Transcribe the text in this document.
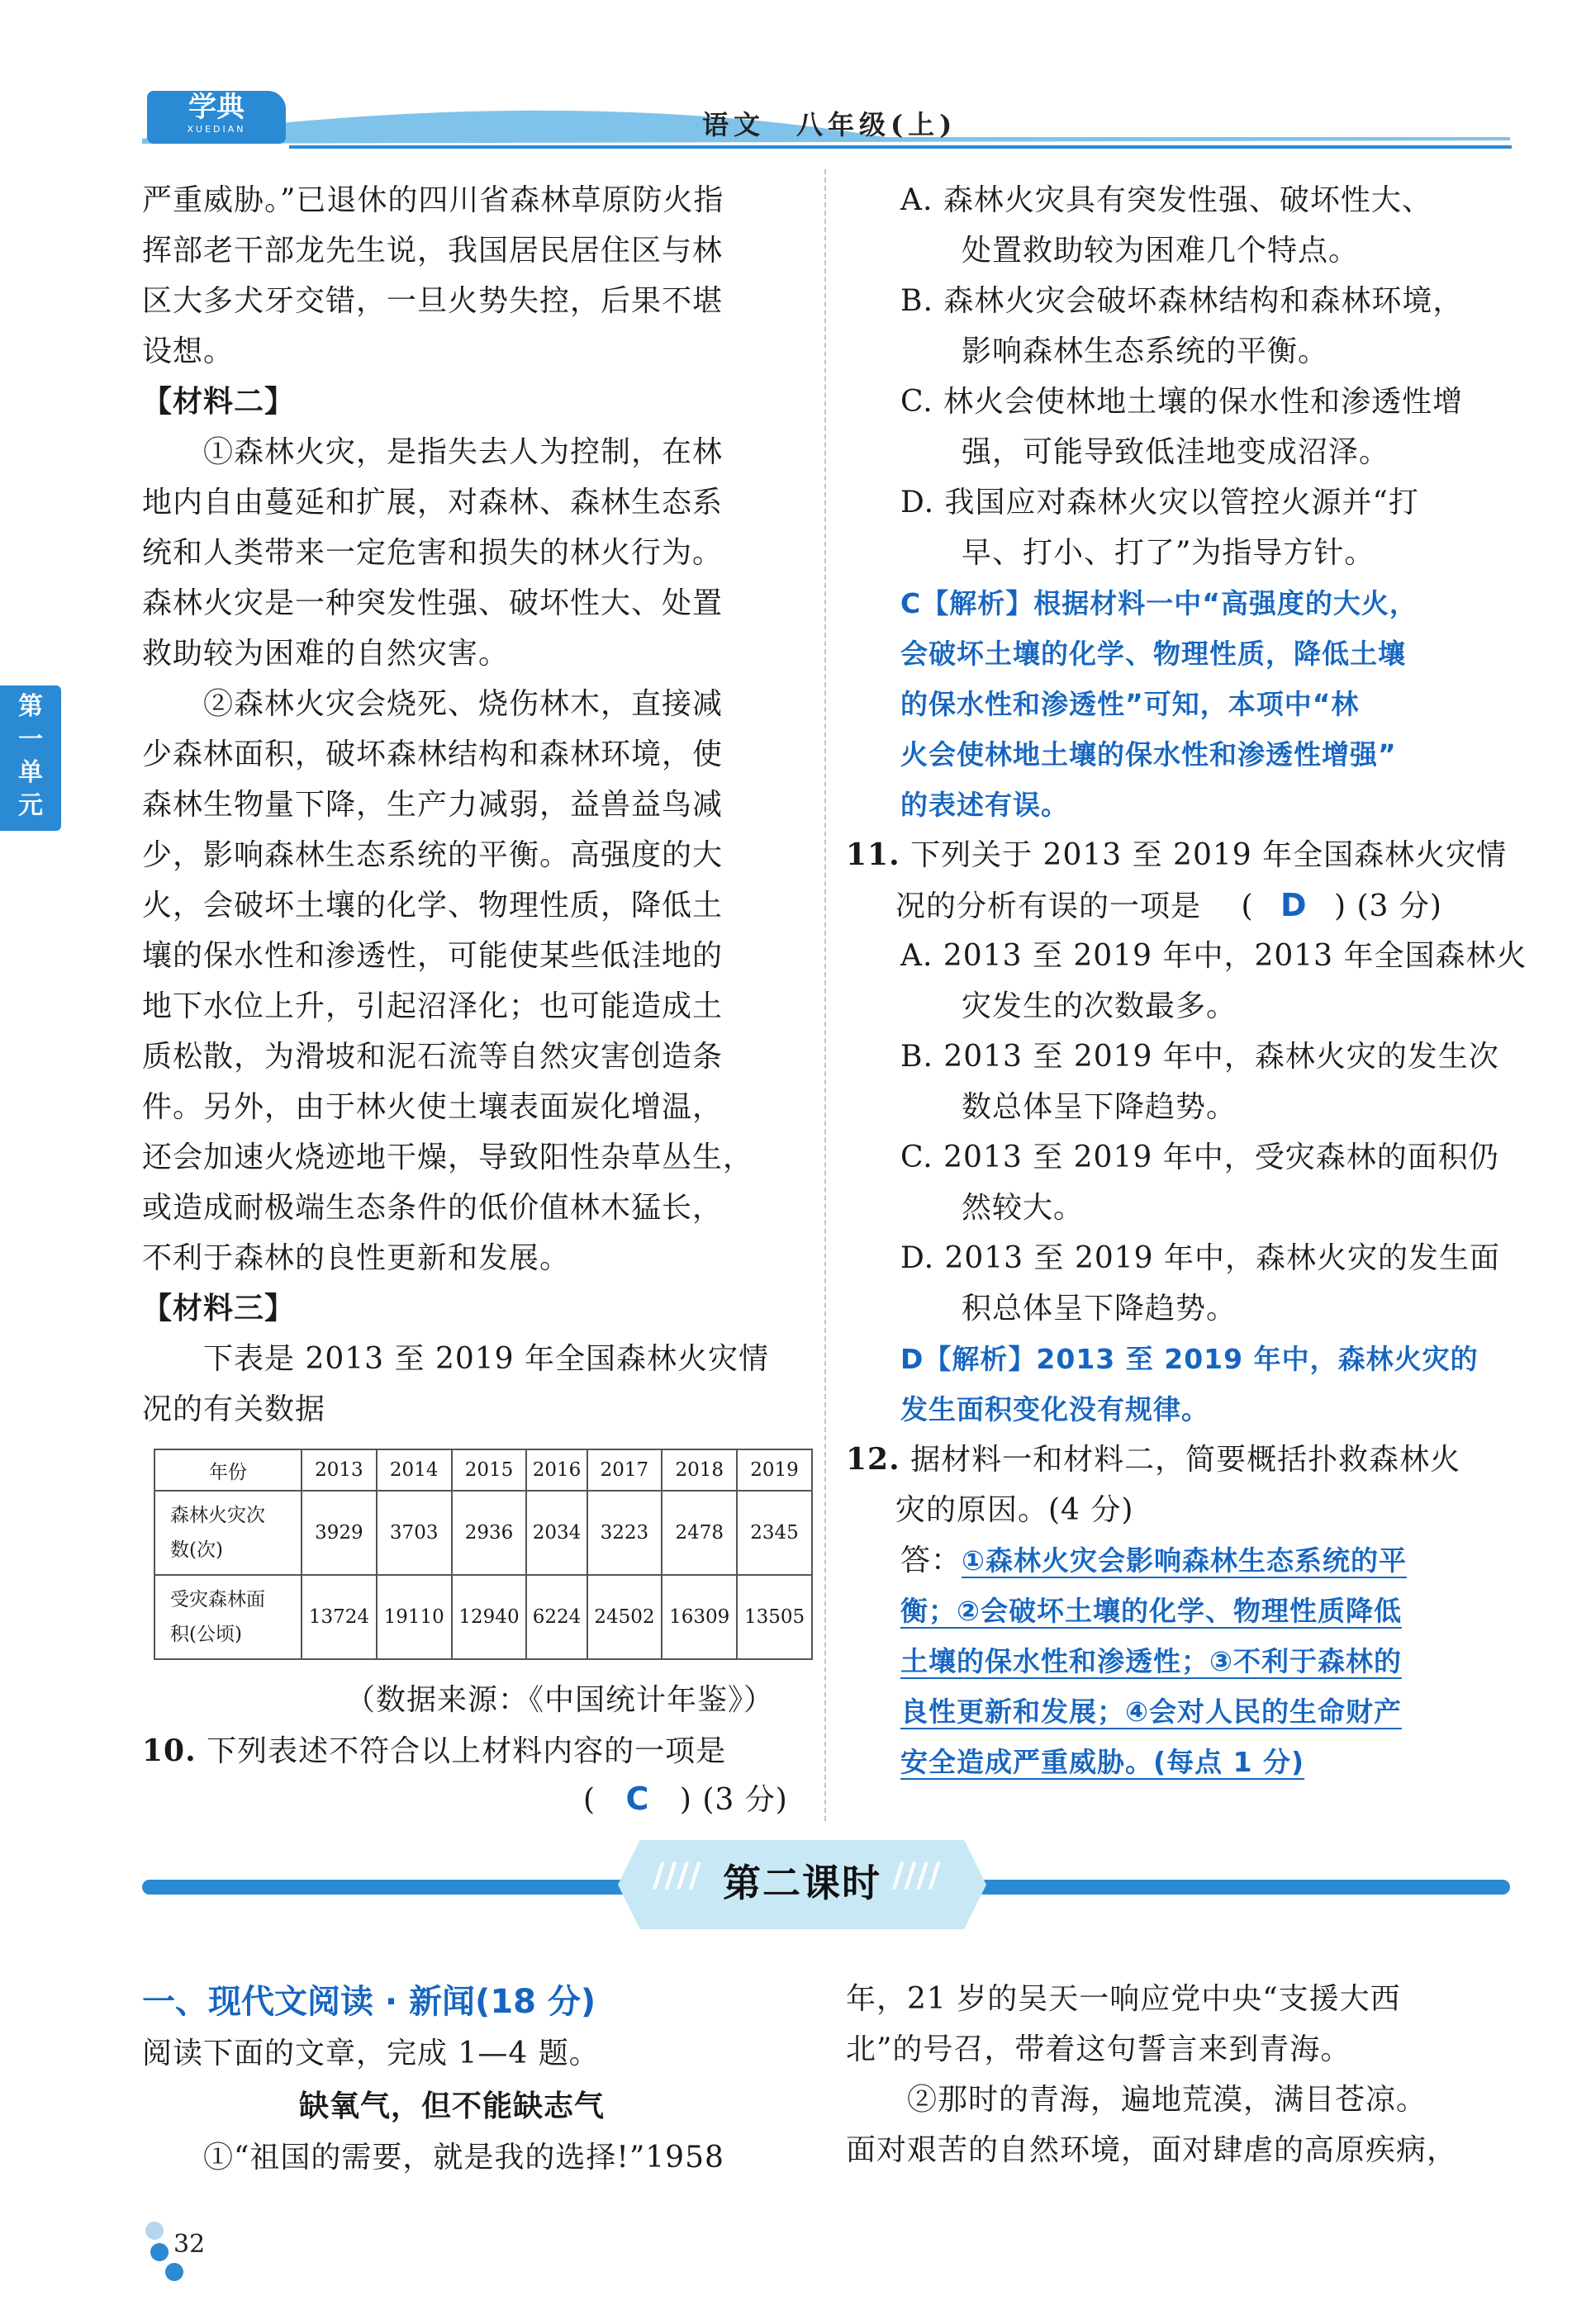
学典
XUEDIAN	语文　八年级(上)
第一单元
严重威胁。”已退休的四川省森林草原防火指
挥部老干部龙先生说，我国居民居住区与林
区大多犬牙交错，一旦火势失控，后果不堪
设想。
【材料二】
　　①森林火灾，是指失去人为控制，在林
地内自由蔓延和扩展，对森林、森林生态系
统和人类带来一定危害和损失的林火行为。
森林火灾是一种突发性强、破坏性大、处置
救助较为困难的自然灾害。
　　②森林火灾会烧死、烧伤林木，直接减
少森林面积，破坏森林结构和森林环境，使
森林生物量下降，生产力减弱，益兽益鸟减
少，影响森林生态系统的平衡。高强度的大
火，会破坏土壤的化学、物理性质，降低土
壤的保水性和渗透性，可能使某些低洼地的
地下水位上升，引起沼泽化；也可能造成土
质松散，为滑坡和泥石流等自然灾害创造条
件。另外，由于林火使土壤表面炭化增温，
还会加速火烧迹地干燥，导致阳性杂草丛生，
或造成耐极端生态条件的低价值林木猛长，
不利于森林的良性更新和发展。
【材料三】
　　下表是 2013 至 2019 年全国森林火灾情
况的有关数据
年份	2013	2014	2015	2016	2017	2018	2019

森林火灾次
数(次)	3929	3703	2936	2034	3223	2478	2345

受灾森林面
积(公顷)	13724	19110	12940	6224	24502	16309	13505
（数据来源：《中国统计年鉴》）
10. 下列表述不符合以上材料内容的一项是
( C ) (3 分)
A. 森林火灾具有突发性强、破坏性大、
　　处置救助较为困难几个特点。
B. 森林火灾会破坏森林结构和森林环境，
　　影响森林生态系统的平衡。
C. 林火会使林地土壤的保水性和渗透性增
　　强，可能导致低洼地变成沼泽。
D. 我国应对森林火灾以管控火源并“打
　　早、打小、打了”为指导方针。
C【解析】根据材料一中“高强度的大火，
会破坏土壤的化学、物理性质，降低土壤
的保水性和渗透性”可知，本项中“林
火会使林地土壤的保水性和渗透性增强”
的表述有误。
11. 下列关于 2013 至 2019 年全国森林火灾情
况的分析有误的一项是 ( D ) (3 分)
A. 2013 至 2019 年中，2013 年全国森林火
　　灾发生的次数最多。
B. 2013 至 2019 年中，森林火灾的发生次
　　数总体呈下降趋势。
C. 2013 至 2019 年中，受灾森林的面积仍
　　然较大。
D. 2013 至 2019 年中，森林火灾的发生面
　　积总体呈下降趋势。
D【解析】2013 至 2019 年中，森林火灾的
发生面积变化没有规律。
12. 据材料一和材料二，简要概括扑救森林火
灾的原因。(4 分)
答：①森林火灾会影响森林生态系统的平
衡；②会破坏土壤的化学、物理性质降低
土壤的保水性和渗透性；③不利于森林的
良性更新和发展；④会对人民的生命财产
安全造成严重威胁。(每点 1 分)
////	////
第二课时
一、现代文阅读 · 新闻(18 分)
阅读下面的文章，完成 1—4 题。
缺氧气，但不能缺志气
　　①“祖国的需要，就是我的选择!”1958
年，21 岁的吴天一响应党中央“支援大西
北”的号召，带着这句誓言来到青海。
　　②那时的青海，遍地荒漠，满目苍凉。
面对艰苦的自然环境，面对肆虐的高原疾病，
32
